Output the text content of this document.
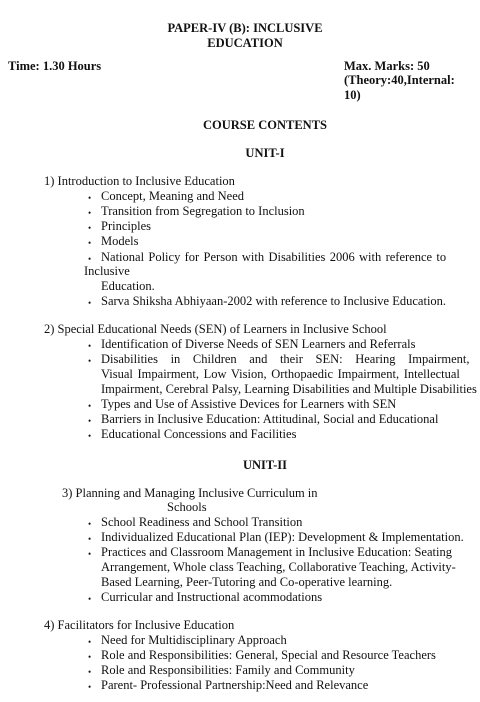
PAPER-IV (B): INCLUSIVE
EDUCATION
Time: 1.30 Hours	Max. Marks: 50
(Theory:40,Internal:
10)
COURSE CONTENTS
UNIT-I
1) Introduction to Inclusive Education
• Concept, Meaning and Need
• Transition from Segregation to Inclusion
• Principles
• Models
• National Policy for Person with Disabilities 2006 with reference to
Inclusive
Education.
• Sarva Shiksha Abhiyaan-2002 with reference to Inclusive Education.
2) Special Educational Needs (SEN) of Learners in Inclusive School
• Identification of Diverse Needs of SEN Learners and Referrals
• Disabilities in Children and their SEN: Hearing Impairment,
Visual Impairment, Low Vision, Orthopaedic Impairment, Intellectual
Impairment, Cerebral Palsy, Learning Disabilities and Multiple Disabilities
• Types and Use of Assistive Devices for Learners with SEN
• Barriers in Inclusive Education: Attitudinal, Social and Educational
• Educational Concessions and Facilities
UNIT-II
3) Planning and Managing Inclusive Curriculum in
Schools
• School Readiness and School Transition
• Individualized Educational Plan (IEP): Development & Implementation.
• Practices and Classroom Management in Inclusive Education: Seating
Arrangement, Whole class Teaching, Collaborative Teaching, Activity-
Based Learning, Peer-Tutoring and Co-operative learning.
• Curricular and Instructional acommodations
4) Facilitators for Inclusive Education
• Need for Multidisciplinary Approach
• Role and Responsibilities: General, Special and Resource Teachers
• Role and Responsibilities: Family and Community
• Parent- Professional Partnership:Need and Relevance
